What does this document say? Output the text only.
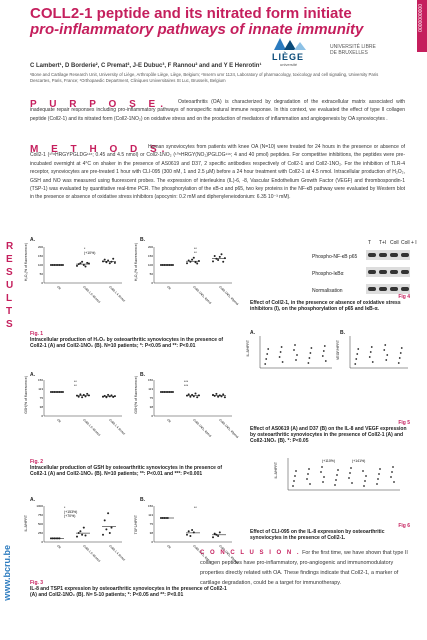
COLL2-1 peptide and its nitrated form initiate
pro-inflammatory pathways of innate immunity	0000000000
LIÈGE
université
UNIVERSITÉ LIBRE DE BRUXELLES
C Lambert¹, D Borderie², C Premat², J-E Dubuc³, F Rannou² and and Y E Henrotin¹
¹Bone and Cartilage Research Unit, University of Liège, Arthropôle Liège, Liège, Belgium; ²Inserm umr 1124, Laboratory of pharmacology, toxicology and cell signaling, University Paris Descartes, Paris, France; ³Orthopaedic Department, Cliniques Universitaires St Luc, Brussels, Belgium
P U R P O S E.	Osteoarthritis (OA) is characterized by degradation of the extracellular matrix associated with inadequate repair responses including pro-inflammatory pathways of nonspecific natural immune response. In this context, we evaluated the effect of type II collagen peptide (Coll2-1) and its nitrated form (Coll2-1NO₂) on oxidative stress and on the production of mediators of inflammation and angiogenesis by OA synoviocytes .
M E T H O D S.
Human synoviocytes from patients with knee OA (N=10) were treated for 24 hours in the presence or absence of Coll2-1 (¹⁰⁸HRGYPGLDG¹¹⁶; 0.45 and 4.5 nmol) or Coll2-1NO₂ (¹⁰⁸HRGY(NO₂)PGLDG¹¹⁶; 4 and 40 pmol) peptides. For competitive inhibitions, the peptides were pre-incubated overnight at 4°C on shaker in the presence of AS0619 and D37, 2 specific antibodies respectively of Coll2-1 and Coll2-1NO₂. For the inhibition of TLR-4 receptor, synoviocytes are pre-treated 1 hour with CLI-095 (300 nM, 1 and 2.5 µM) before a 24 hour treatment with Coll2-1 at 4.5 nmol. Intracellular production of H₂O₂, GSH and NO was measured using fluorescent probes. The expression of interleukins (IL)-6, -8, Vascular Endothelium Growth Factor (VEGF) and thrombospondin-1 (TSP-1) was evaluated by quantitative real-time PCR. The phosphorylation of the κB-α and p65, two key proteins in the NF-κB pathway were evaluated by Western blot in the presence or absence of oxidative stress inhibitors (apocynin: 0.2 mM and diphenyleneiodonium: 6.35 10⁻³ mM).
R
E
S
U
L
T
S
A.	B.
H₂O₂(% of fluorescence)	H₂O₂(% of fluorescence)
0
50
100
150
200
Ctl	Coll2-1 0.45nmol Coll2-1 4.5nmol
*
(+10%)
0
50
100
150
200
Ctl	Coll2-1NO₂ 4pmol Coll2-1NO₂ 40pmol
**
**
Fig. 1
Intracellular production of H₂O₂ by osteoarthritic synoviocytes in the presence of Coll2-1 (A) and Coll2-1NO₂ (B). N=10 patients; *: P<0.05 and **: P<0.01
A.	B.
GSH(% of fluorescence)	GSH(% of fluorescence)
0
38
75
113
150
Ctl	Coll2-1 0.45nmol Coll2-1 4.5nmol
**
**
0
38
75
113
150
Ctl	Coll2-1NO₂ 4pmol Coll2-1NO₂ 40pmol
***
***
Fig. 2
Intracellular production of GSH by osteoarthritic synoviocytes in the presence of Coll2-1 (A) and Coll2-1NO₂ (B). N=10 patients; **: P<0.01 and ***: P<0.001
A.	B.
IL-8/HPRT	TSP1/HPRT
0
250
500
750
1000
Ctl	Coll2-1 0.45nmol Coll2-1 4.5nmol
*
(+153%)
(+70%)
0
38
75
113
150
Ctl	Coll2-1NO₂ 4pmol Coll2-1NO₂ 40pmol
**
Fig. 3
IL-8 and TSP1 expression by osteoarthritic synoviocytes in the presence of Coll2-1 (A) and Coll2-1NO₂ (B). N= 5-10 patients; *: P<0.05 and **: P<0.01
T T+I Coll Coll + I
Phospho-NF-κB p65
Phospho-IκBα
Normalisation
Fig 4

Effect of Coll2-1, in the presence or absence of oxidative stress inhibitors (I), on the phosphorylation of p65 and IκB-α.
A.	B.
IL-8/HPRT	VEGF/HPRT
Fig 5

Effect of AS0619 (A) and D37 (B) on the IL-8 and VEGF expression by osteoarthritic synoviocytes in the presence of Coll2-1 (A) and Coll2-1NO₂ (B). *: P<0.05
IL-8/HPRT
(+110%)	(+141%)
Fig 6

Effect of CLI-095 on the IL-8 expression by osteoarthritic synoviocytes in the presence of Coll2-1.
C O N C L U S I O N . For the first time, we have shown that type II collagen peptides have pro-inflammatory, pro-angiogenic and immunomodulatory properties directly related with OA. These findings indicate that Coll2-1, a marker of cartilage degradation, could be a target for immunotherapy.
www.bcru.be
